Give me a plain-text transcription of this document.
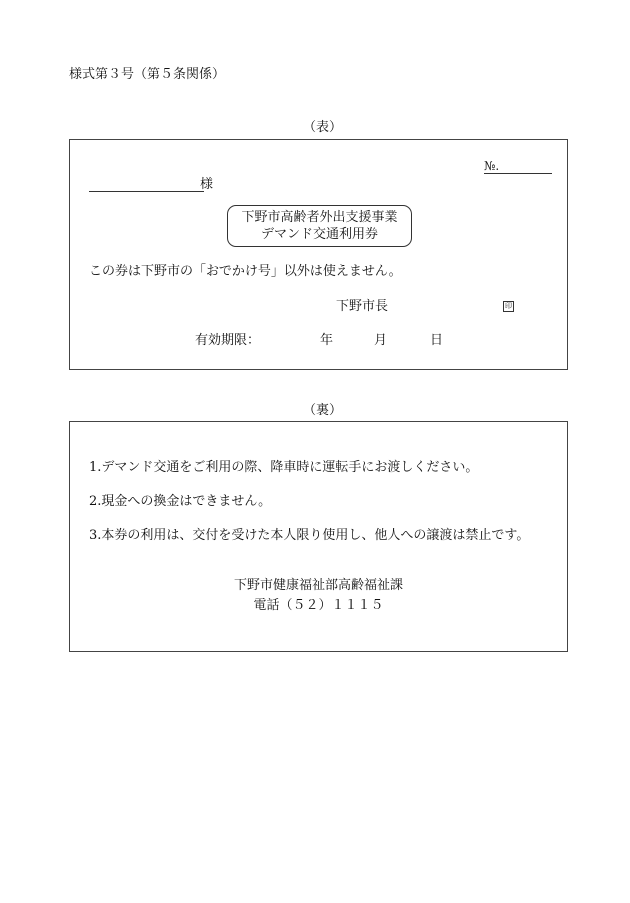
様式第３号（第５条関係）
（表）
№.
様
下野市高齢者外出支援事業
デマンド交通利用券
この券は下野市の「おでかけ号」以外は使えません。
下野市長	印
有効期限：	年	月	日
（裏）
1.デマンド交通をご利用の際、降車時に運転手にお渡しください。
2.現金への換金はできません。
3.本券の利用は、交付を受けた本人限り使用し、他人への譲渡は禁止です。
下野市健康福祉部高齢福祉課
電話（５２）１１１５
